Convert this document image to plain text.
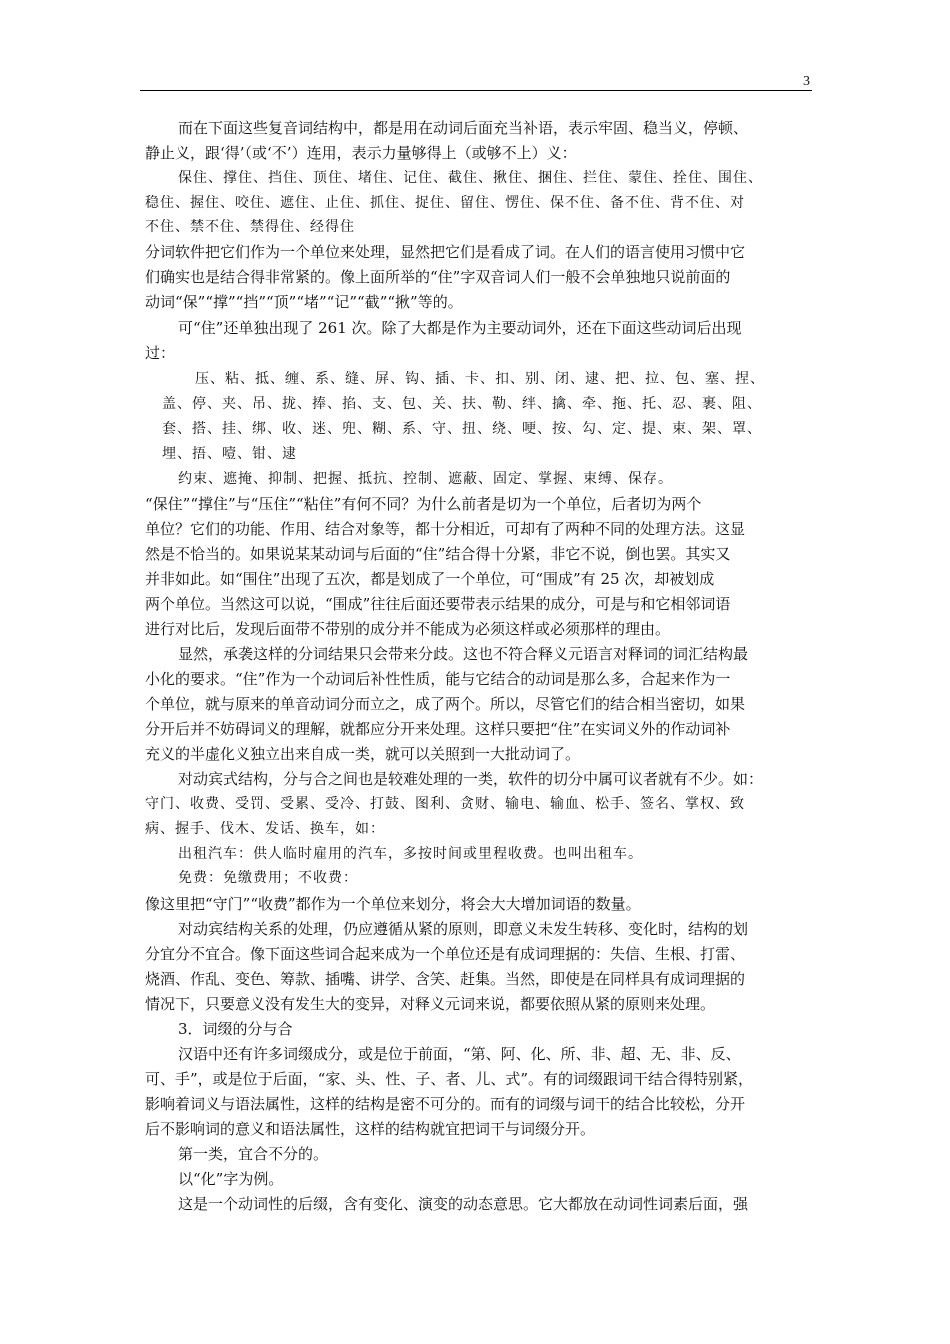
3
而在下面这些复音词结构中，都是用在动词后面充当补语，表示牢固、稳当义，停顿、
静止义，跟‘得’（或‘不’）连用，表示力量够得上（或够不上）义：
保住、撑住、挡住、顶住、堵住、记住、截住、揪住、捆住、拦住、蒙住、拴住、围住、
稳住、握住、咬住、遮住、止住、抓住、捉住、留住、愣住、保不住、备不住、背不住、对
不住、禁不住、禁得住、经得住
分词软件把它们作为一个单位来处理，显然把它们是看成了词。在人们的语言使用习惯中它
们确实也是结合得非常紧的。像上面所举的“住”字双音词人们一般不会单独地只说前面的
动词“保”“撑”“挡”“顶”“堵”“记”“截”“揪”等的。
可“住”还单独出现了 261 次。除了大都是作为主要动词外，还在下面这些动词后出现
过：
压、粘、抵、缠、系、缝、屏、钩、插、卡、扣、别、闭、逮、把、拉、包、塞、捏、
盖、停、夹、吊、拢、捧、掐、支、包、关、扶、勒、绊、擒、牵、拖、托、忍、裹、阻、
套、搭、挂、绑、收、迷、兜、糊、系、守、扭、绕、哽、按、勾、定、提、束、架、罩、
埋、捂、噎、钳、逮
约束、遮掩、抑制、把握、抵抗、控制、遮蔽、固定、掌握、束缚、保存。
“保住”“撑住”与“压住”“粘住”有何不同？为什么前者是切为一个单位，后者切为两个
单位？它们的功能、作用、结合对象等，都十分相近，可却有了两种不同的处理方法。这显
然是不恰当的。如果说某某动词与后面的“住”结合得十分紧，非它不说，倒也罢。其实又
并非如此。如“围住”出现了五次，都是划成了一个单位，可“围成”有 25 次，却被划成
两个单位。当然这可以说，“围成”往往后面还要带表示结果的成分，可是与和它相邻词语
进行对比后，发现后面带不带别的成分并不能成为必须这样或必须那样的理由。
显然，承袭这样的分词结果只会带来分歧。这也不符合释义元语言对释词的词汇结构最
小化的要求。“住”作为一个动词后补性性质，能与它结合的动词是那么多，合起来作为一
个单位，就与原来的单音动词分而立之，成了两个。所以，尽管它们的结合相当密切，如果
分开后并不妨碍词义的理解，就都应分开来处理。这样只要把“住”在实词义外的作动词补
充义的半虚化义独立出来自成一类，就可以关照到一大批动词了。
对动宾式结构，分与合之间也是较难处理的一类，软件的切分中属可议者就有不少。如：
守门、收费、受罚、受累、受冷、打鼓、图利、贪财、输电、输血、松手、签名、掌权、致
病、握手、伐木、发话、换车，如：
出租汽车：供人临时雇用的汽车，多按时间或里程收费。也叫出租车。
免费：免缴费用；不收费：
像这里把“守门”“收费”都作为一个单位来划分，将会大大增加词语的数量。
对动宾结构关系的处理，仍应遵循从紧的原则，即意义未发生转移、变化时，结构的划
分宜分不宜合。像下面这些词合起来成为一个单位还是有成词理据的：失信、生根、打雷、
烧酒、作乱、变色、筹款、插嘴、讲学、含笑、赶集。当然，即使是在同样具有成词理据的
情况下，只要意义没有发生大的变异，对释义元词来说，都要依照从紧的原则来处理。
3．词缀的分与合
汉语中还有许多词缀成分，或是位于前面，“第、阿、化、所、非、超、无、非、反、
可、手”，或是位于后面，“家、头、性、子、者、儿、式”。有的词缀跟词干结合得特别紧，
影响着词义与语法属性，这样的结构是密不可分的。而有的词缀与词干的结合比较松，分开
后不影响词的意义和语法属性，这样的结构就宜把词干与词缀分开。
第一类，宜合不分的。
以“化”字为例。
这是一个动词性的后缀，含有变化、演变的动态意思。它大都放在动词性词素后面，强
